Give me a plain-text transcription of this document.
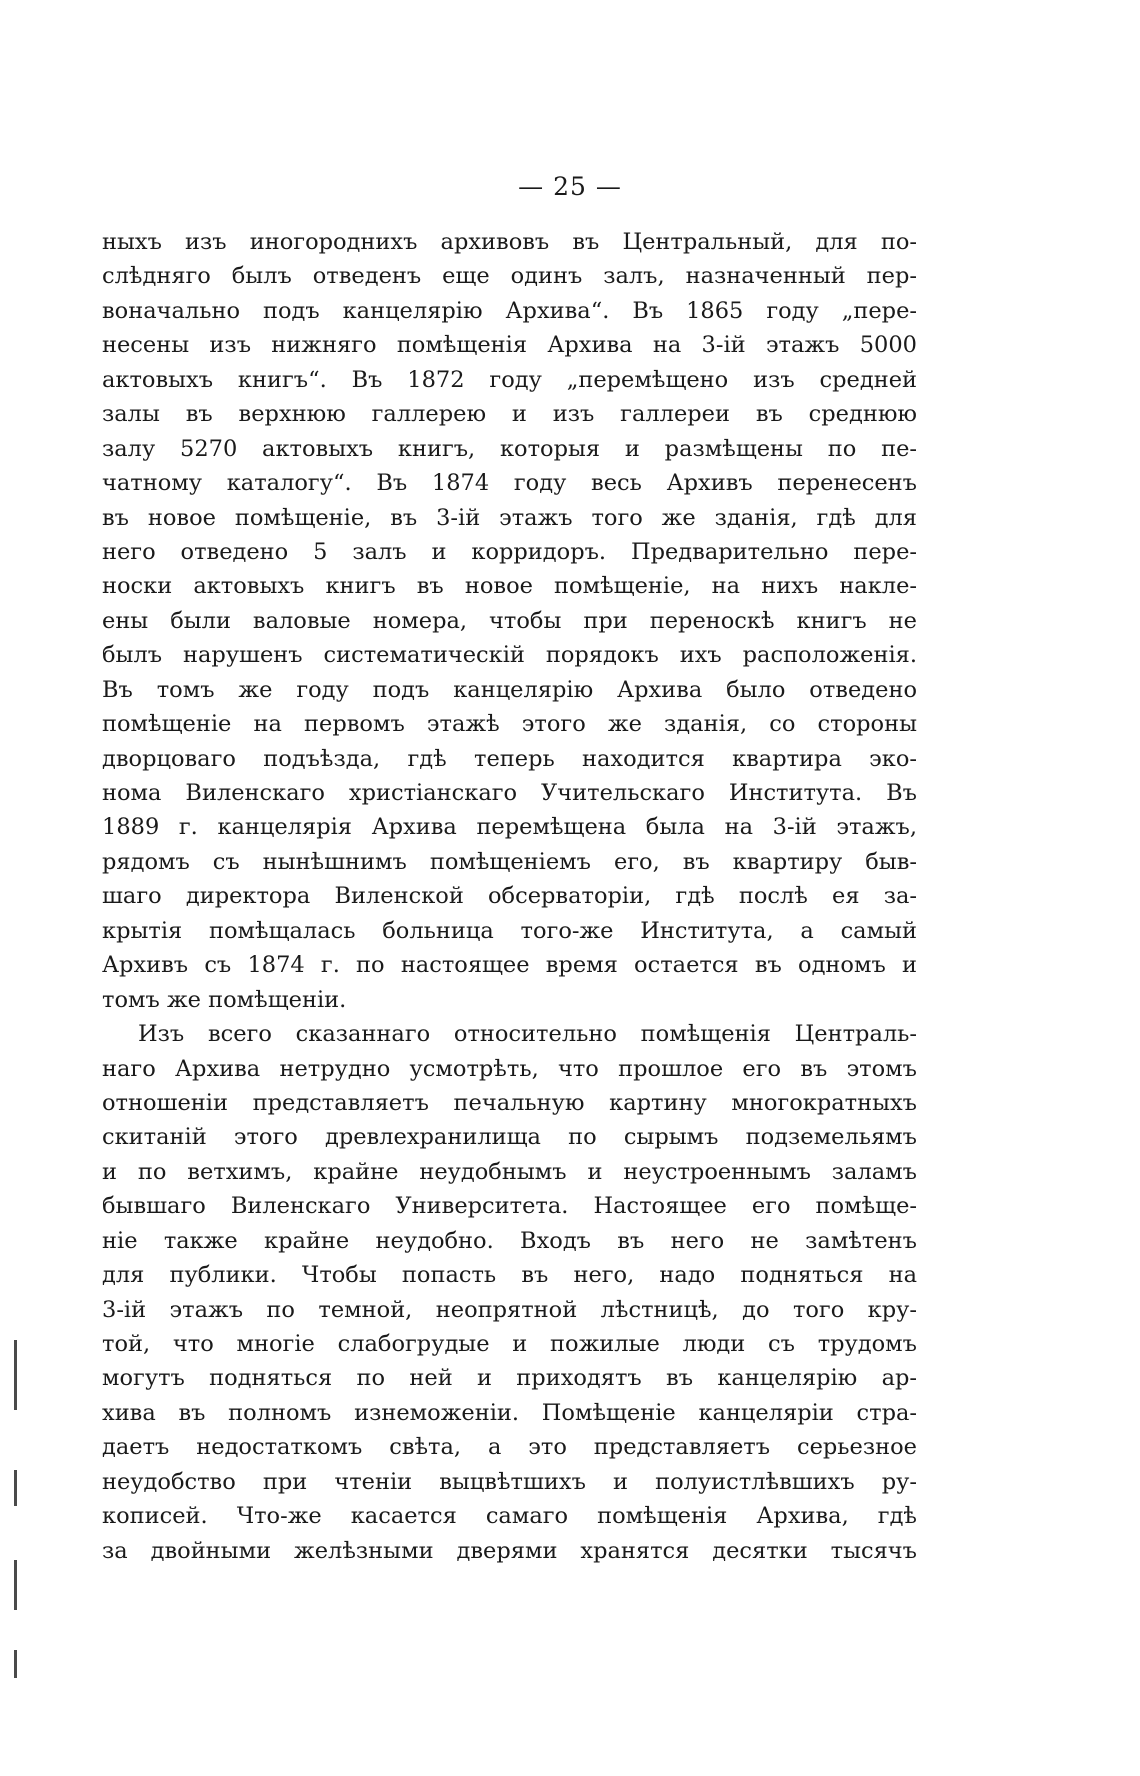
— 25 —
ныхъ изъ иногороднихъ архивовъ въ Центральный, для по-
слѣдняго былъ отведенъ еще одинъ залъ, назначенный пер-
воначально подъ канцелярію Архива“. Въ 1865 году „пере-
несены изъ нижняго помѣщенія Архива на 3-ій этажъ 5000
актовыхъ книгъ“. Въ 1872 году „перемѣщено изъ средней
залы въ верхнюю галлерею и изъ галлереи въ среднюю
залу 5270 актовыхъ книгъ, которыя и размѣщены по пе-
чатному каталогу“. Въ 1874 году весь Архивъ перенесенъ
въ новое помѣщеніе, въ 3-ій этажъ того же зданія, гдѣ для
него отведено 5 залъ и корридоръ. Предварительно пере-
носки актовыхъ книгъ въ новое помѣщеніе, на нихъ наклe-
ены были валовые номера, чтобы при переноскѣ книгъ не
былъ нарушенъ систематическій порядокъ ихъ расположенія.
Въ томъ же году подъ канцелярію Архива было отведено
помѣщеніе на первомъ этажѣ этого же зданія, со стороны
дворцоваго подъѣзда, гдѣ теперь находится квартира эко-
нома Виленскаго христіанскаго Учительскаго Института. Въ
1889 г. канцелярія Архива перемѣщена была на 3-ій этажъ,
рядомъ съ нынѣшнимъ помѣщеніемъ его, въ квартиру быв-
шаго директора Виленской обсерваторіи, гдѣ послѣ ея за-
крытія помѣщалась больница того-же Института, а самый
Архивъ съ 1874 г. по настоящее время остается въ одномъ и
томъ же помѣщеніи.
Изъ всего сказаннаго относительно помѣщенія Централь-
наго Архива нетрудно усмотрѣть, что прошлое его въ этомъ
отношеніи представляетъ печальную картину многократныхъ
скитаній этого древлехранилища по сырымъ подземельямъ
и по ветхимъ, крайне неудобнымъ и неустроеннымъ заламъ
бывшаго Виленскаго Университета. Настоящее его помѣще-
ніе также крайне неудобно. Входъ въ него не замѣтенъ
для публики. Чтобы попасть въ него, надо подняться на
3-ій этажъ по темной, неопрятной лѣстницѣ, до того кру-
той, что многіе слабогрудые и пожилые люди съ трудомъ
могутъ подняться по ней и приходятъ въ канцелярію ар-
хива въ полномъ изнеможеніи. Помѣщеніе канцеляріи стра-
даетъ недостаткомъ свѣта, а это представляетъ серьезное
неудобство при чтеніи выцвѣтшихъ и полуистлѣвшихъ ру-
кописей. Что-же касается самаго помѣщенія Архива, гдѣ
за двойными желѣзными дверями хранятся десятки тысячъ
